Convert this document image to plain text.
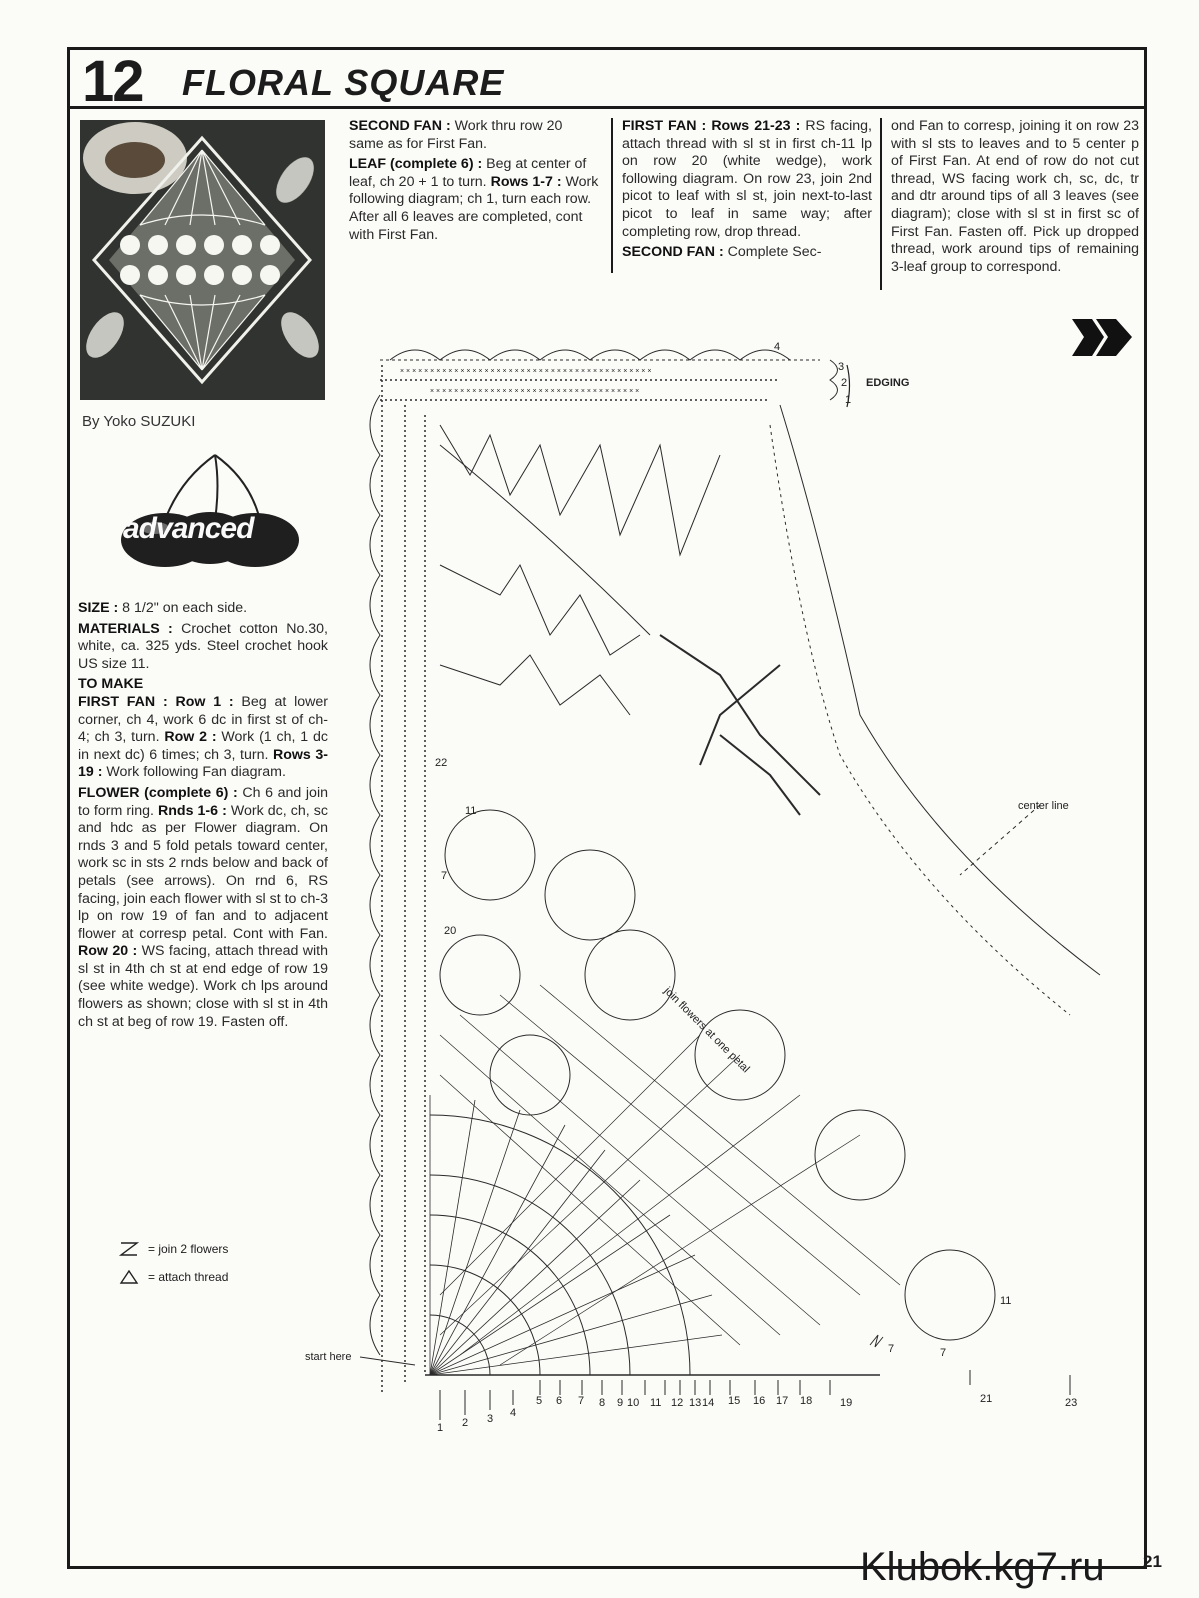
12 FLORAL SQUARE
By Yoko SUZUKI
advanced

SIZE : 8 1/2" on each side.

MATERIALS : Crochet cotton No.30, white, ca. 325 yds. Steel crochet hook US size 11.

TO MAKE

FIRST FAN : Row 1 : Beg at lower corner, ch 4, work 6 dc in first st of ch-4; ch 3, turn. Row 2 : Work (1 ch, 1 dc in next dc) 6 times; ch 3, turn. Rows 3-19 : Work following Fan diagram.

FLOWER (complete 6) : Ch 6 and join to form ring. Rnds 1-6 : Work dc, ch, sc and hdc as per Flower diagram. On rnds 3 and 5 fold petals toward center, work sc in sts 2 rnds below and back of petals (see arrows). On rnd 6, RS facing, join each flower with sl st to ch-3 lp on row 19 of fan and to adjacent flower at corresp petal. Cont with Fan. Row 20 : WS facing, attach thread with sl st in 4th ch st at end edge of row 19 (see white wedge). Work ch lps around flowers as shown; close with sl st in 4th ch st at beg of row 19. Fasten off.

SECOND FAN : Work thru row 20 same as for First Fan.

LEAF (complete 6) : Beg at center of leaf, ch 20 + 1 to turn. Rows 1-7 : Work following diagram; ch 1, turn each row. After all 6 leaves are completed, cont with First Fan.

FIRST FAN : Rows 21-23 : RS facing, attach thread with sl st in first ch-11 lp on row 20 (white wedge), work following diagram. On row 23, join 2nd picot to leaf with sl st, join next-to-last picot to leaf in same way; after completing row, drop thread.

SECOND FAN : Complete Sec-

ond Fan to corresp, joining it on row 23 with sl sts to leaves and to 5 center p of First Fan. At end of row do not cut thread, WS facing work ch, sc, dc, tr and dtr around tips of all 3 leaves (see diagram); close with sl st in first sc of First Fan. Fasten off. Pick up dropped thread, work around tips of remaining 3-leaf group to correspond.

× × × × × × × × × × × × × × × × × × × × × × × × × × × × × × × × × × × × × × × × × ×
× × × × × × × × × × × × × × × × × × × × × × × × × × × × × × × × × × ×
EDGING
3
2
1
4
center line
start here
join flowers at one petal
22
20
11
11
7
7	7
5 6 7 8 9 10 11 12 13 14 15 16 17 18	19	21	23
1 2 3 4
= join 2 flowers
= attach thread
Klubok.kg7.ru 21
